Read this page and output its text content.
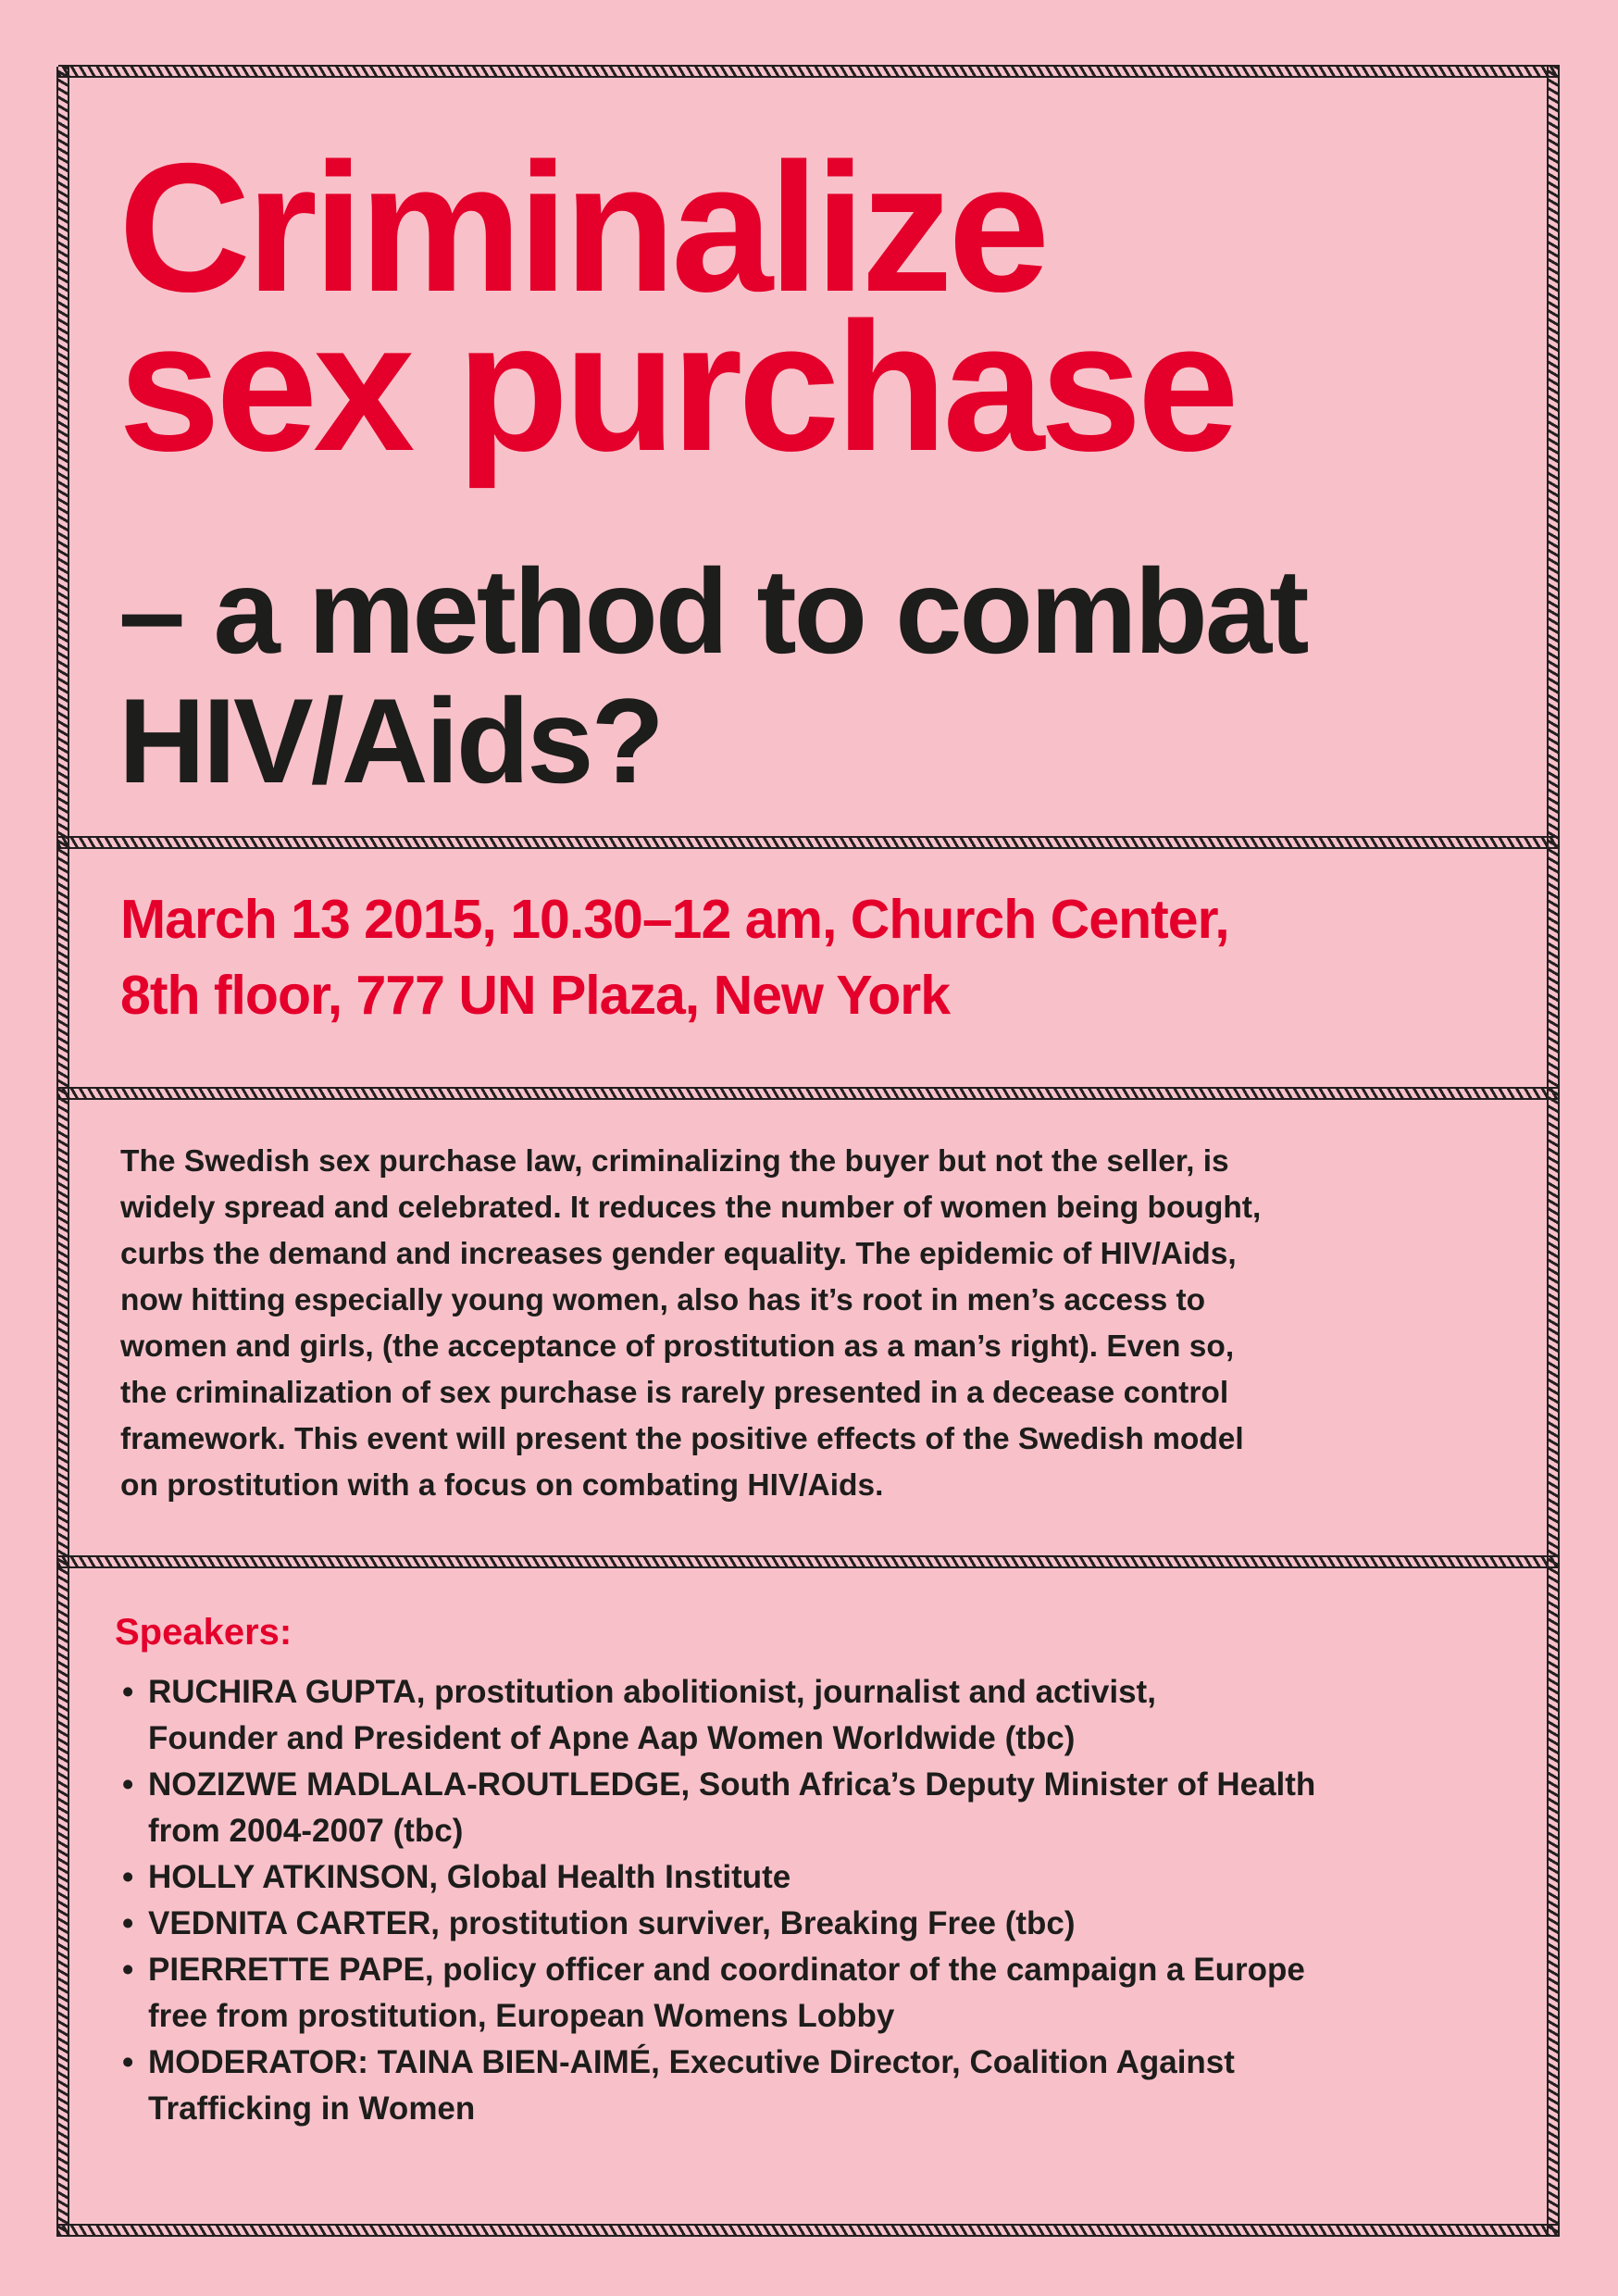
Criminalize
sex purchase
– a method to combat
HIV/Aids?

March 13 2015, 10.30–12 am, Church Center,
8th floor, 777 UN Plaza, New York

The Swedish sex purchase law, criminalizing the buyer but not the seller, is
widely spread and celebrated. It reduces the number of women being bought,
curbs the demand and increases gender equality. The epidemic of HIV/Aids,
now hitting especially young women, also has it’s root in men’s access to
women and girls, (the acceptance of prostitution as a man’s right). Even so,
the criminalization of sex purchase is rarely presented in a decease control
framework. This event will present the positive effects of the Swedish model
on prostitution with a focus on combating HIV/Aids.

Speakers:
• RUCHIRA GUPTA, prostitution abolitionist, journalist and activist,
Founder and President of Apne Aap Women Worldwide (tbc)
• NOZIZWE MADLALA-ROUTLEDGE, South Africa’s Deputy Minister of Health
from 2004-2007 (tbc)
• HOLLY ATKINSON, Global Health Institute
• VEDNITA CARTER, prostitution surviver, Breaking Free (tbc)
• PIERRETTE PAPE, policy officer and coordinator of the campaign a Europe
free from prostitution, European Womens Lobby
• MODERATOR: TAINA BIEN-AIMÉ, Executive Director, Coalition Against
Trafficking in Women
